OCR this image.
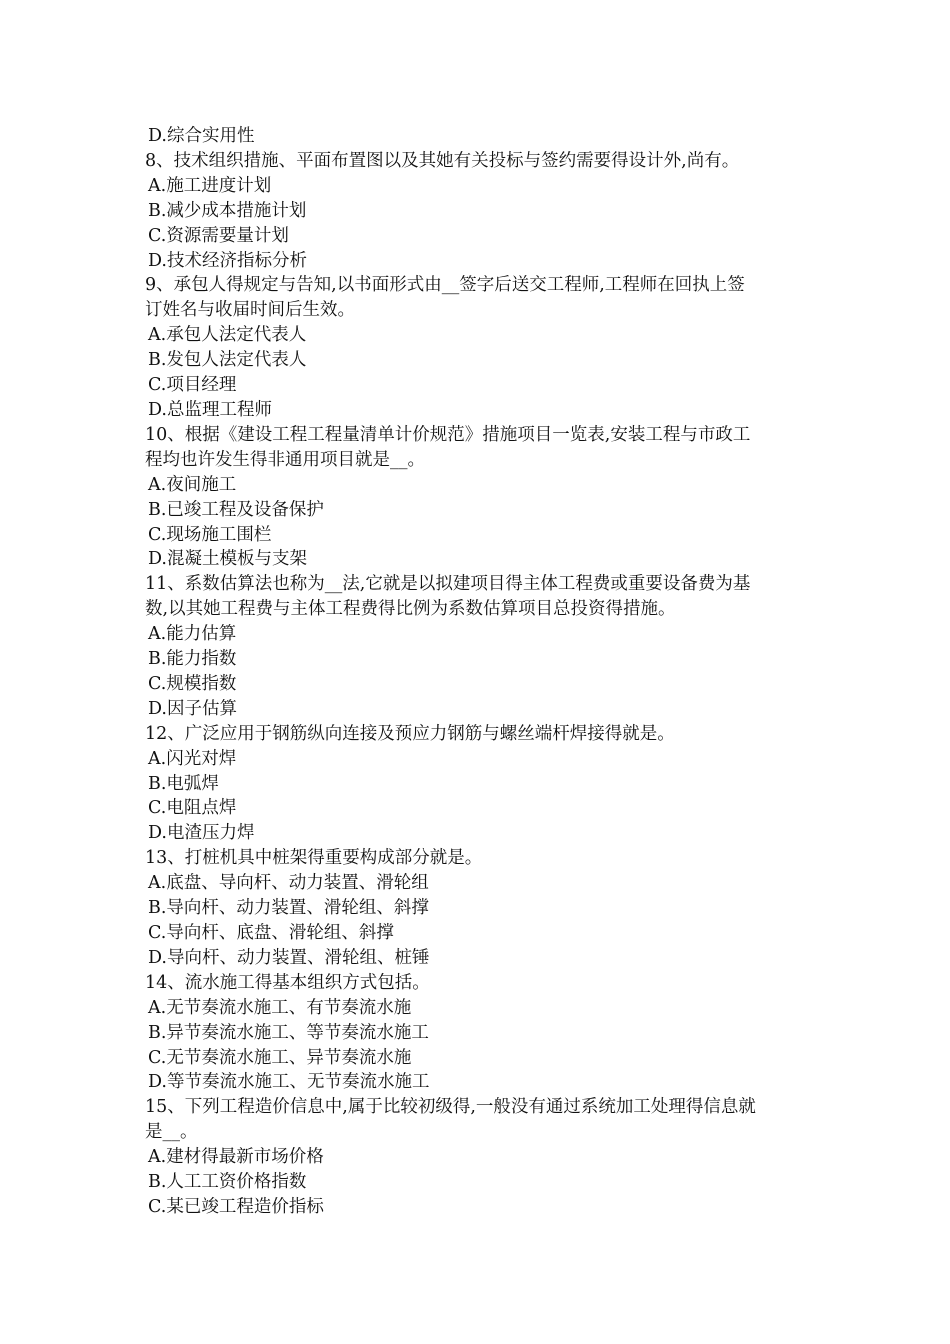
D.综合实用性
8、技术组织措施、平面布置图以及其她有关投标与签约需要得设计外,尚有。
A.施工进度计划
B.减少成本措施计划
C.资源需要量计划
D.技术经济指标分析
9、承包人得规定与告知,以书面形式由__签字后送交工程师,工程师在回执上签
订姓名与收届时间后生效。
A.承包人法定代表人
B.发包人法定代表人
C.项目经理
D.总监理工程师
10、根据《建设工程工程量清单计价规范》措施项目一览表,安装工程与市政工
程均也许发生得非通用项目就是__。
A.夜间施工
B.已竣工程及设备保护
C.现场施工围栏
D.混凝土模板与支架
11、系数估算法也称为__法,它就是以拟建项目得主体工程费或重要设备费为基
数,以其她工程费与主体工程费得比例为系数估算项目总投资得措施。
A.能力估算
B.能力指数
C.规模指数
D.因子估算
12、广泛应用于钢筋纵向连接及预应力钢筋与螺丝端杆焊接得就是。
A.闪光对焊
B.电弧焊
C.电阻点焊
D.电渣压力焊
13、打桩机具中桩架得重要构成部分就是。
A.底盘、导向杆、动力装置、滑轮组
B.导向杆、动力装置、滑轮组、斜撑
C.导向杆、底盘、滑轮组、斜撑
D.导向杆、动力装置、滑轮组、桩锤
14、流水施工得基本组织方式包括。
A.无节奏流水施工、有节奏流水施
B.异节奏流水施工、等节奏流水施工
C.无节奏流水施工、异节奏流水施
D.等节奏流水施工、无节奏流水施工
15、下列工程造价信息中,属于比较初级得,一般没有通过系统加工处理得信息就
是__。
A.建材得最新市场价格
B.人工工资价格指数
C.某已竣工程造价指标
